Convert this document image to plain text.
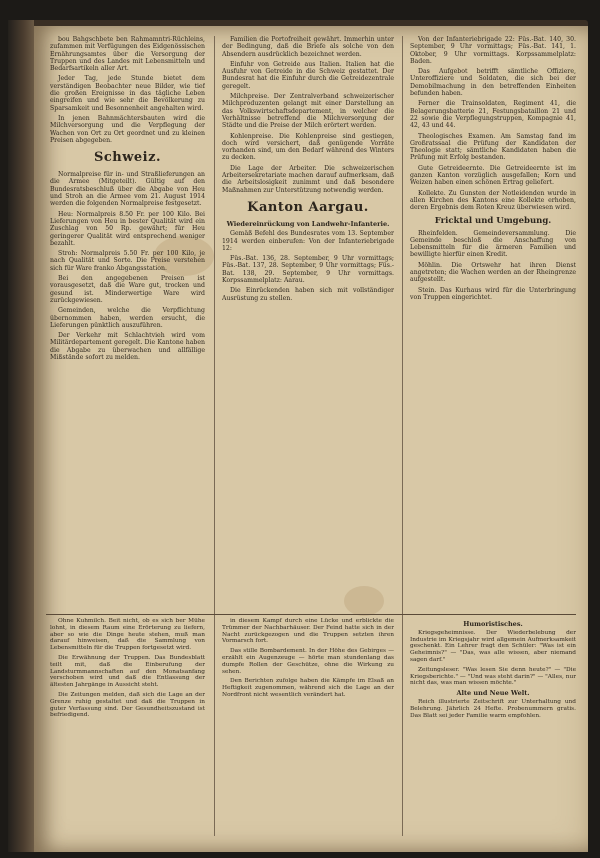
bou Bahgschbete ben Rahmamntri-Rüchleins, zufammen mit Verfügungen des Eidgenössischen Ernährungsamtes über die Versorgung der Truppen und des Landes mit Lebensmitteln und Bedarfsartikeln aller Art.

Jeder Tag, jede Stunde bietet dem verständigen Beobachter neue Bilder, wie tief die großen Ereignisse in das tägliche Leben eingreifen und wie sehr die Bevölkerung zu Sparsamkeit und Besonnenheit angehalten wird.

In jenen Bahnmächtersbauten wird die Milchversorgung und die Verpflegung der Wachen von Ort zu Ort geordnet und zu kleinen Preisen abgegeben.

Schweiz.

Normalpreise für in- und Straßlieferungen an die Armee (Mitgeteilt). Gültig auf den Bundesratsbeschluß über die Abgabe von Heu und Stroh an die Armee vom 21. August 1914 werden die folgenden Normalpreise festgesetzt.

Heu: Normalpreis 8.50 Fr. per 100 Kilo. Bei Lieferungen von Heu in bester Qualität wird ein Zuschlag von 50 Rp. gewährt; für Heu geringerer Qualität wird entsprechend weniger bezahlt.

Stroh: Normalpreis 5.50 Fr. per 100 Kilo, je nach Qualität und Sorte. Die Preise verstehen sich für Ware franko Abgangsstation.

Bei den angegebenen Preisen ist vorausgesetzt, daß die Ware gut, trocken und gesund ist. Minderwertige Ware wird zurückgewiesen.

Gemeinden, welche die Verpflichtung übernommen haben, werden ersucht, die Lieferungen pünktlich auszuführen.

Der Verkehr mit Schlachtvieh wird vom Militärdepartement geregelt. Die Kantone haben die Abgabe zu überwachen und allfällige Mißstände sofort zu melden.

Familien die Portofreiheit gewährt. Immerhin unter der Bedingung, daß die Briefe als solche von den Absendern ausdrücklich bezeichnet werden.

Einfuhr von Getreide aus Italien. Italien hat die Ausfuhr von Getreide in die Schweiz gestattet. Der Bundesrat hat die Einfuhr durch die Getreidezentrale geregelt.

Milchpreise. Der Zentralverband schweizerischer Milchproduzenten gelangt mit einer Darstellung an das Volkswirtschaftsdepartement, in welcher die Verhältnisse betreffend die Milchversorgung der Städte und die Preise der Milch erörtert werden.

Kohlenpreise. Die Kohlenpreise sind gestiegen, doch wird versichert, daß genügende Vorräte vorhanden sind, um den Bedarf während des Winters zu decken.

Die Lage der Arbeiter. Die schweizerischen Arbeitersekretariate machen darauf aufmerksam, daß die Arbeitslosigkeit zunimmt und daß besondere Maßnahmen zur Unterstützung notwendig werden.

Kanton Aargau.
Wiedereinrückung von Landwehr-Infanterie.

Gemäß Befehl des Bundesrates vom 13. September 1914 werden einberufen: Von der Infanteriebrigade 12:

Füs.-Bat. 136, 28. September, 9 Uhr vormittags; Füs.-Bat. 137, 28. September, 9 Uhr vormittags; Füs.-Bat. 138, 29. September, 9 Uhr vormittags. Korpssammelplatz: Aarau.

Die Einrückenden haben sich mit vollständiger Ausrüstung zu stellen.

Von der Infanteriebrigade 22: Füs.-Bat. 140, 30. September, 9 Uhr vormittags; Füs.-Bat. 141, 1. Oktober, 9 Uhr vormittags. Korpssammelplatz: Baden.

Das Aufgebot betrifft sämtliche Offiziere, Unteroffiziere und Soldaten, die sich bei der Demobilmachung in den betreffenden Einheiten befunden haben.

Ferner die Trainsoldaten, Regiment 41, die Belagerungsbatterie 21, Festungsbataillon 21 und 22 sowie die Verpflegungstruppen, Kompagnie 41, 42, 43 und 44.

Theologisches Examen. Am Samstag fand im Großratssaal die Prüfung der Kandidaten der Theologie statt; sämtliche Kandidaten haben die Prüfung mit Erfolg bestanden.

Gute Getreideernte. Die Getreideernte ist im ganzen Kanton vorzüglich ausgefallen; Korn und Weizen haben einen schönen Ertrag geliefert.

Kollekte. Zu Gunsten der Notleidenden wurde in allen Kirchen des Kantons eine Kollekte erhoben, deren Ergebnis dem Roten Kreuz überwiesen wird.

Fricktal und Umgebung.

Rheinfelden. Gemeindeversammlung. Die Gemeinde beschloß die Anschaffung von Lebensmitteln für die ärmeren Familien und bewilligte hierfür einen Kredit.

Möhlin. Die Ortswehr hat ihren Dienst angetreten; die Wachen werden an der Rheingrenze aufgestellt.

Stein. Das Kurhaus wird für die Unterbringung von Truppen eingerichtet.

Ohne Kuhmilch. Beit nicht, ob es sich ber Mühe lohnt, in diesem Raum eine Erörterung zu liefern, aber so wie die Dinge heute stehen, muß man darauf hinweisen, daß die Sammlung von Lebensmitteln für die Truppen fortgesetzt wird.

Die Erwähnung der Truppen. Das Bundesblatt teilt mit, daß die Einberufung der Landsturmmannschaften auf den Monatsanfang verschoben wird und daß die Entlassung der ältesten Jahrgänge in Aussicht steht.

Die Zeitungen melden, daß sich die Lage an der Grenze ruhig gestaltet und daß die Truppen in guter Verfassung sind. Der Gesundheitszustand ist befriedigend.

in diesem Kampf durch eine Lücke und erblickte die Trümmer der Nachbarhäuser. Der Feind hatte sich in der Nacht zurückgezogen und die Truppen setzten ihren Vormarsch fort.

Das stille Bombardement. In der Höhe des Gebirges — erzählt ein Augenzeuge — hörte man stundenlang das dumpfe Rollen der Geschütze, ohne die Wirkung zu sehen.

Den Berichten zufolge haben die Kämpfe im Elsaß an Heftigkeit zugenommen, während sich die Lage an der Nordfront nicht wesentlich verändert hat.

Humoristisches.

Kriegsgeheimnisse. Der Wiederbelebung der Industrie im Kriegsjahr wird allgemein Aufmerksamkeit geschenkt. Ein Lehrer fragt den Schüler: "Was ist ein Geheimnis?" — "Das, was alle wissen, aber niemand sagen darf."

Zeitungsleser. "Was lesen Sie denn heute?" — "Die Kriegsberichte." — "Und was steht darin?" — "Alles, nur nicht das, was man wissen möchte."

Alte und Neue Welt.

Reich illustrierte Zeitschrift zur Unterhaltung und Belehrung. Jährlich 24 Hefte. Probenummern gratis. Das Blatt sei jeder Familie warm empfohlen.
